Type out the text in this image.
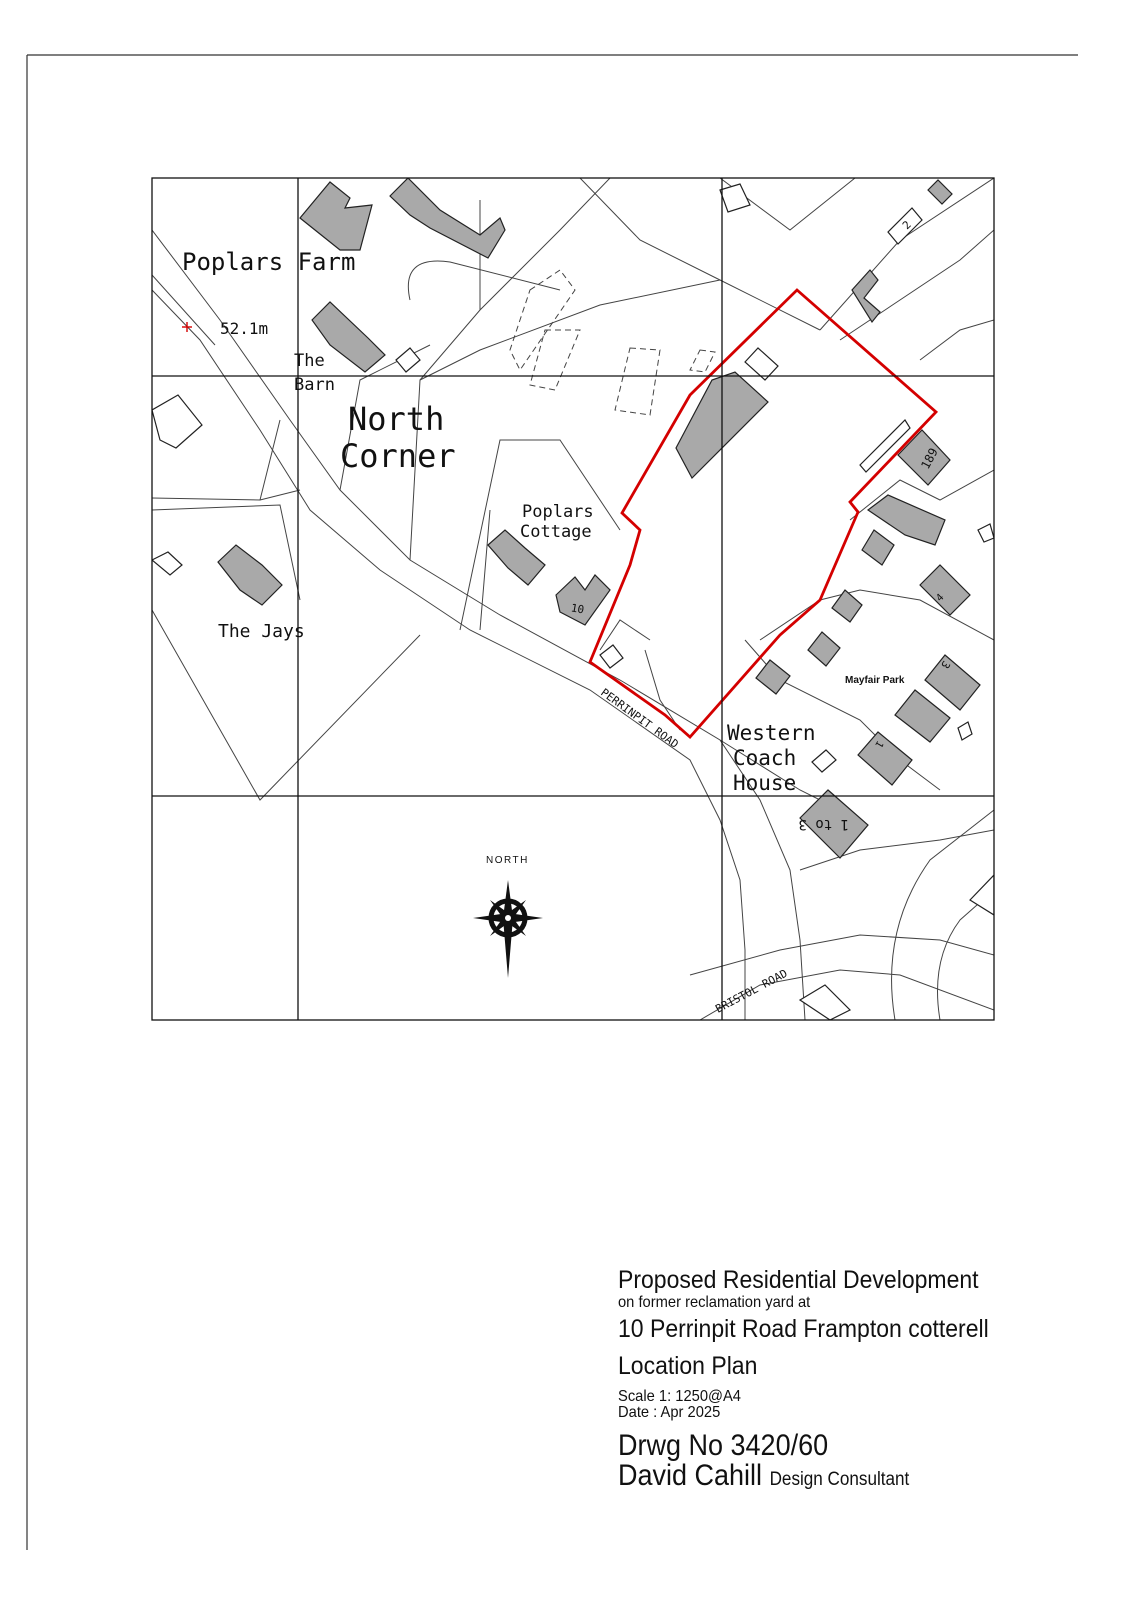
Poplars Farm
52.1m
The
Barn
North
Corner
Poplars
Cottage
The Jays
Western
Coach
House
Mayfair Park
PERRINPIT ROAD
BRISTOL ROAD
10
189
2
4
3
1
1 to 3
NORTH
Proposed Residential Development
on former reclamation yard at
10 Perrinpit Road Frampton cotterell
Location Plan
Scale 1: 1250@A4
Date : Apr 2025
Drwg No 3420/60
David Cahill Design Consultant
